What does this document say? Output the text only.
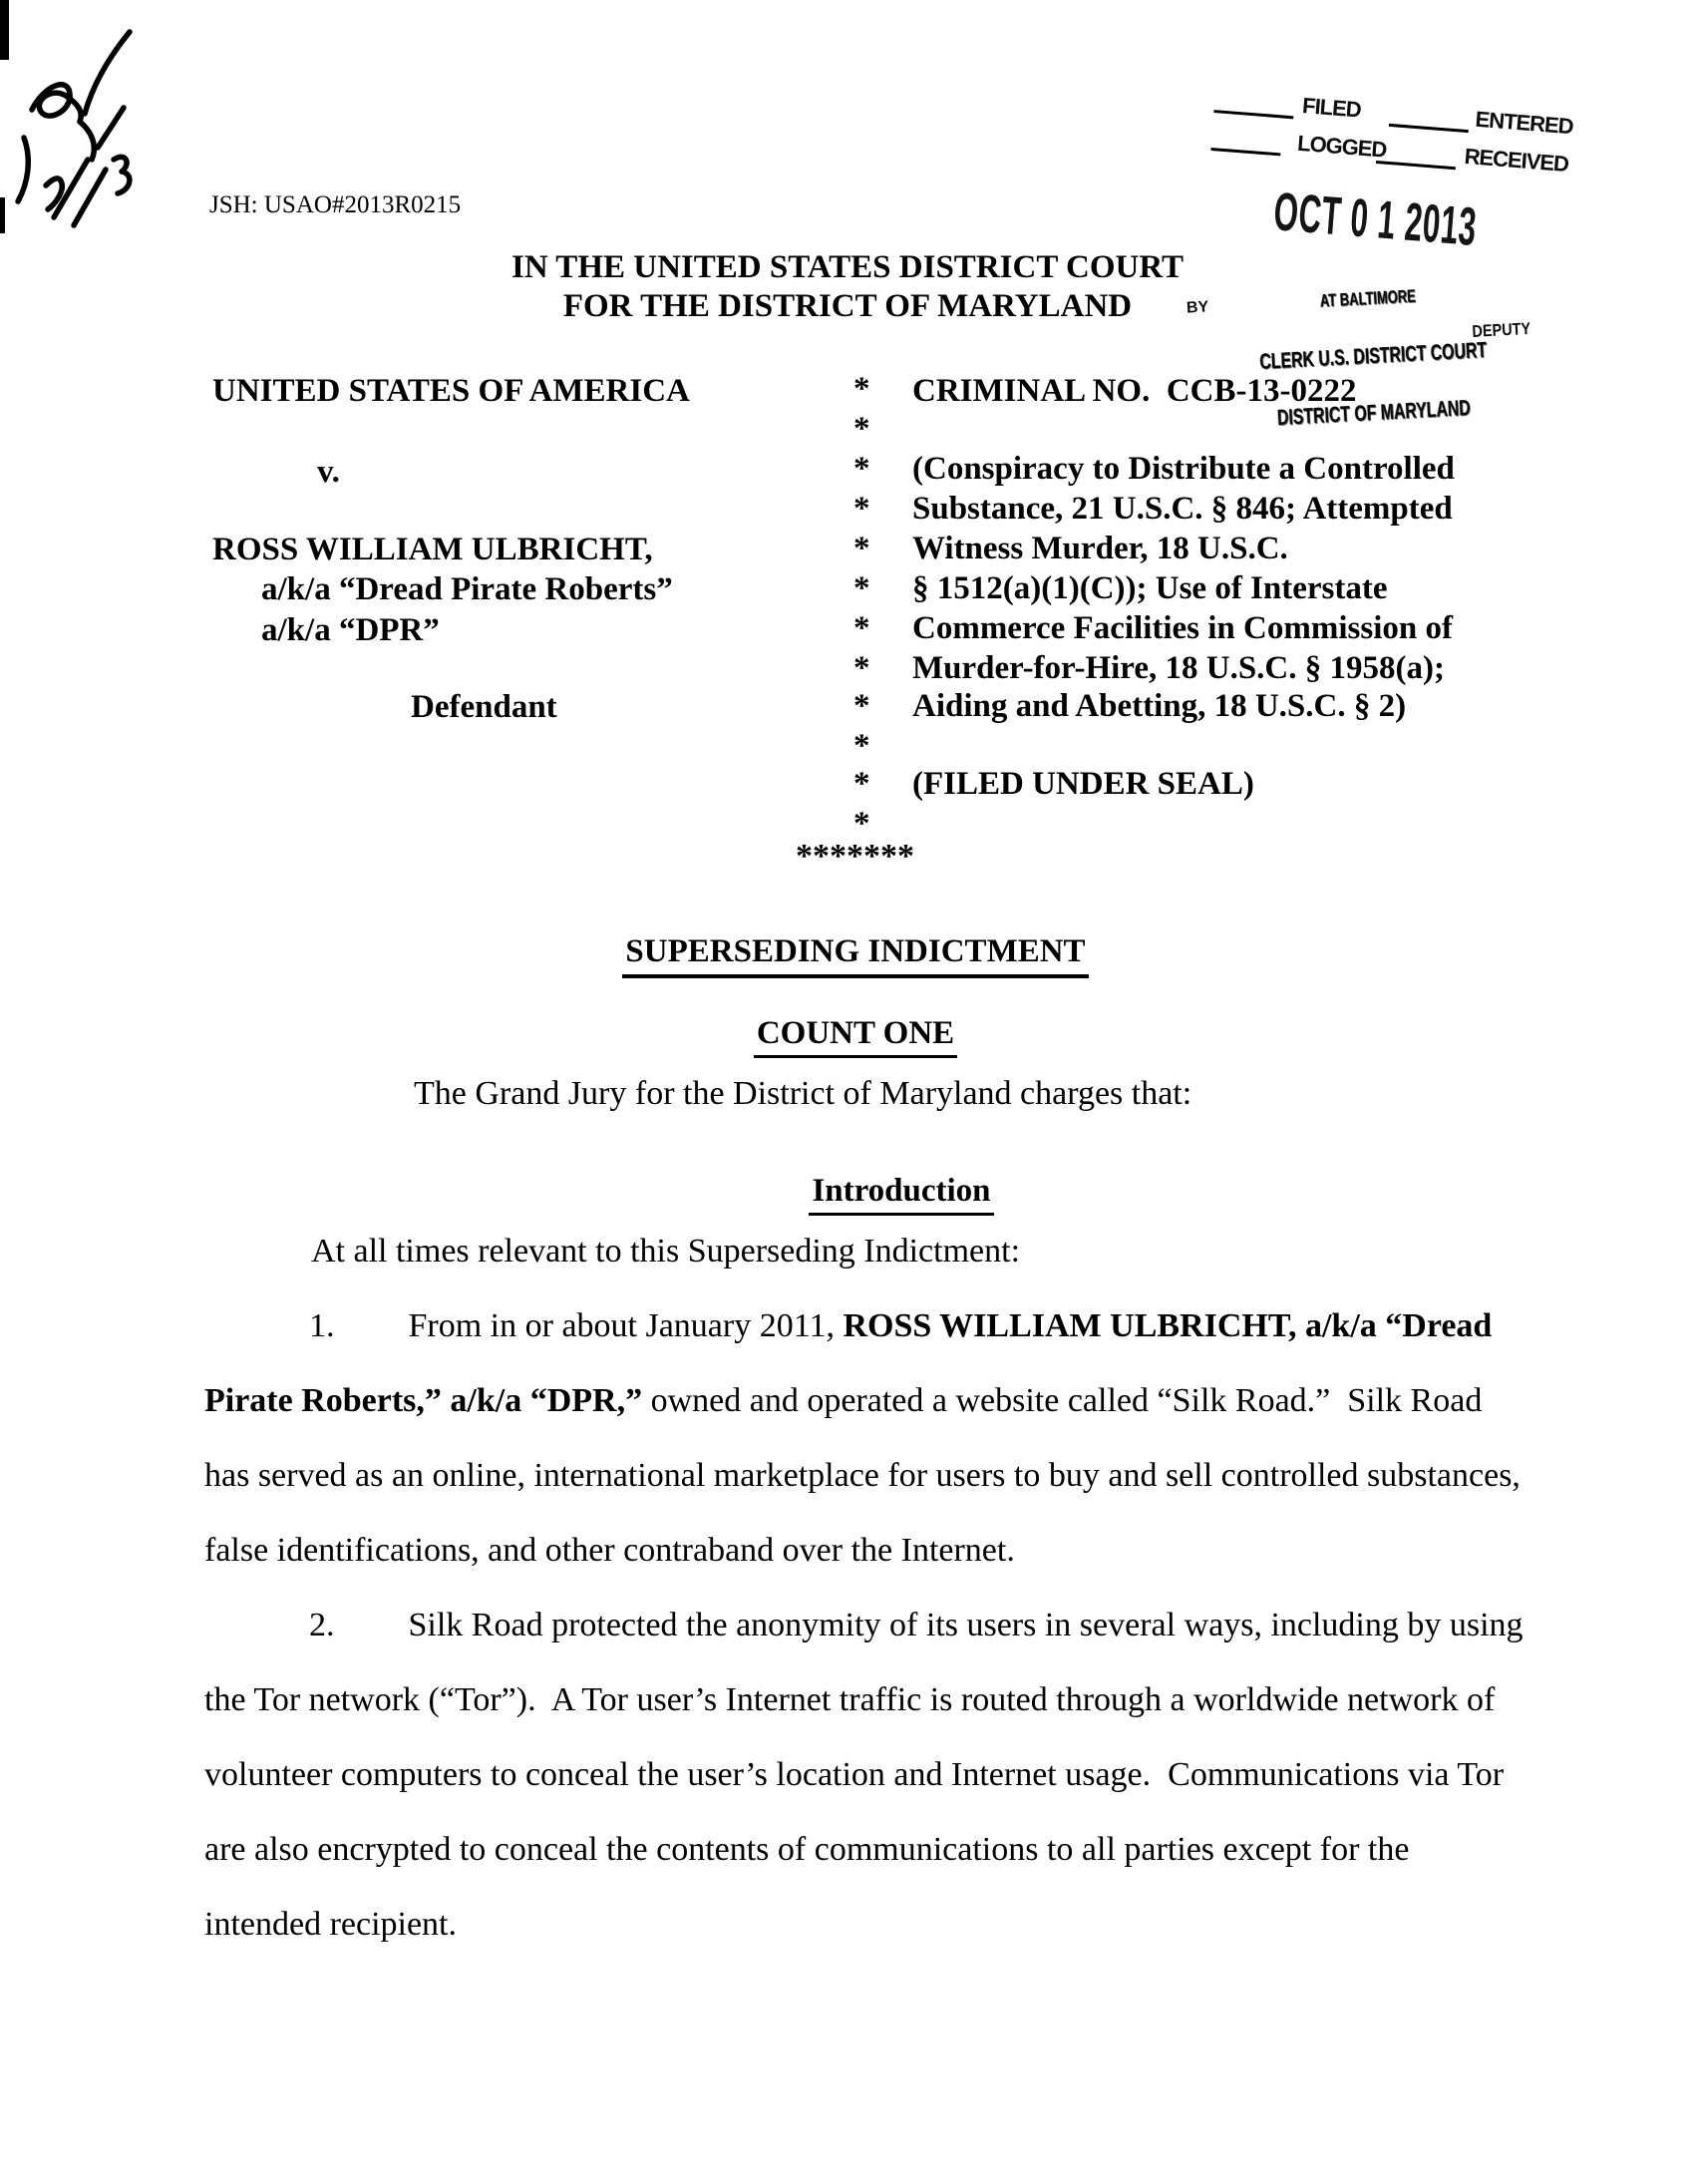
JSH: USAO#2013R0215
FILED	ENTERED
LOGGED	RECEIVED
OCT 0 1 2013
IN THE UNITED STATES DISTRICT COURT
FOR THE DISTRICT OF MARYLAND

	AT BALTIMORE

CLERK U.S. DISTRICT COURT

DISTRICT OF MARYLAND

BY
DEPUTY
UNITED STATES OF AMERICA
v.
ROSS WILLIAM ULBRICHT,
a/k/a “Dread Pirate Roberts”
a/k/a “DPR”
Defendant
*
*
*
*
*
*
*
*
*
*
*
*
CRIMINAL NO.  CCB-13-0222
(Conspiracy to Distribute a Controlled
Substance, 21 U.S.C. § 846; Attempted
Witness Murder, 18 U.S.C.
§ 1512(a)(1)(C)); Use of Interstate
Commerce Facilities in Commission of
Murder-for-Hire, 18 U.S.C. § 1958(a);
Aiding and Abetting, 18 U.S.C. § 2)
(FILED UNDER SEAL)
*******

SUPERSEDING INDICTMENT

COUNT ONE

The Grand Jury for the District of Maryland charges that:

Introduction

At all times relevant to this Superseding Indictment:
1. From in or about January 2011, ROSS WILLIAM ULBRICHT, a/k/a “Dread
Pirate Roberts,” a/k/a “DPR,” owned and operated a website called “Silk Road.”  Silk Road
has served as an online, international marketplace for users to buy and sell controlled substances,
false identifications, and other contraband over the Internet.
2. Silk Road protected the anonymity of its users in several ways, including by using
the Tor network (“Tor”).  A Tor user’s Internet traffic is routed through a worldwide network of
volunteer computers to conceal the user’s location and Internet usage.  Communications via Tor
are also encrypted to conceal the contents of communications to all parties except for the
intended recipient.
